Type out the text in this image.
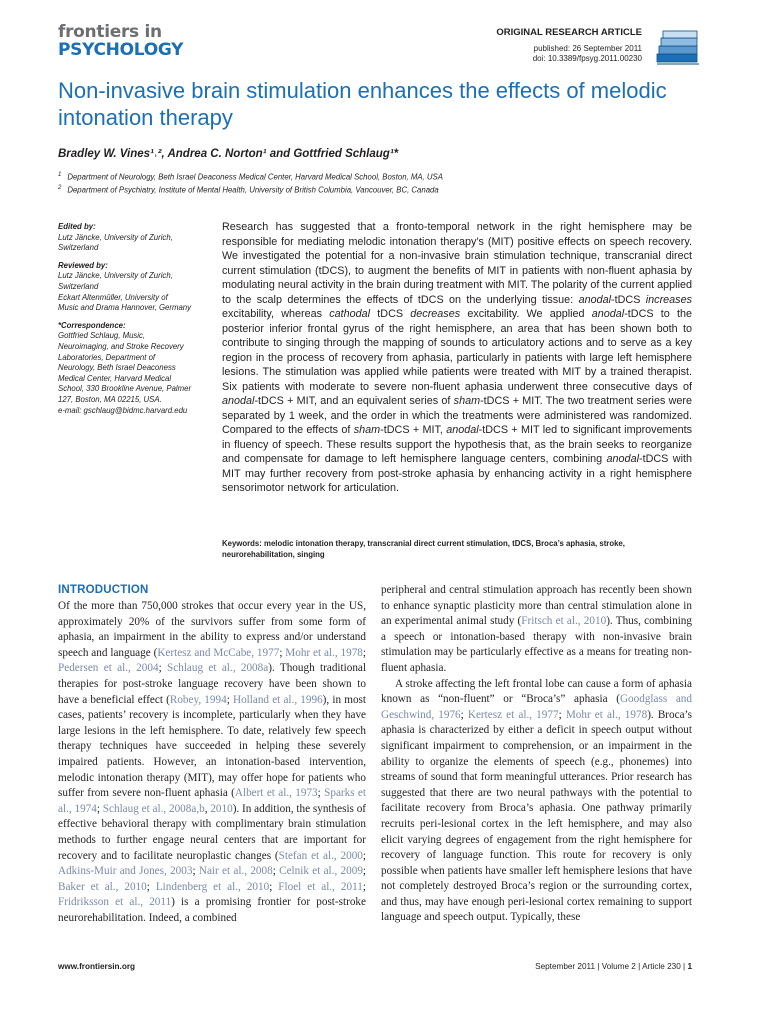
frontiers in
PSYCHOLOGY
ORIGINAL RESEARCH ARTICLE
published: 26 September 2011
doi: 10.3389/fpsyg.2011.00230
Non-invasive brain stimulation enhances the effects of melodic intonation therapy
Bradley W. Vines¹˒², Andrea C. Norton¹ and Gottfried Schlaug¹*
$^1$ Department of Neurology, Beth Israel Deaconess Medical Center, Harvard Medical School, Boston, MA, USA
$^2$ Department of Psychiatry, Institute of Mental Health, University of British Columbia, Vancouver, BC, Canada
Edited by:
Lutz Jäncke, University of Zurich,
Switzerland
Reviewed by:
Lutz Jäncke, University of Zurich,
Switzerland
Eckart Altenmüller, University of
Music and Drama Hannover, Germany
*Correspondence:
Gottfried Schlaug, Music,
Neuroimaging, and Stroke Recovery
Laboratories, Department of
Neurology, Beth Israel Deaconess
Medical Center, Harvard Medical
School, 330 Brookline Avenue, Palmer
127, Boston, MA 02215, USA.
e-mail: gschlaug@bidmc.harvard.edu
Research has suggested that a fronto-temporal network in the right hemisphere may be responsible for mediating melodic intonation therapy’s (MIT) positive effects on speech recovery. We investigated the potential for a non-invasive brain stimulation technique, transcranial direct current stimulation (tDCS), to augment the benefits of MIT in patients with non-fluent aphasia by modulating neural activity in the brain during treatment with MIT. The polarity of the current applied to the scalp determines the effects of tDCS on the underlying tissue: anodal-tDCS increases excitability, whereas cathodal tDCS decreases excitability. We applied anodal-tDCS to the posterior inferior frontal gyrus of the right hemisphere, an area that has been shown both to contribute to singing through the mapping of sounds to articulatory actions and to serve as a key region in the process of recovery from aphasia, particularly in patients with large left hemisphere lesions. The stimulation was applied while patients were treated with MIT by a trained therapist. Six patients with moderate to severe non-fluent aphasia underwent three consecutive days of anodal-tDCS + MIT, and an equivalent series of sham-tDCS + MIT. The two treatment series were separated by 1 week, and the order in which the treatments were administered was randomized. Compared to the effects of sham-tDCS + MIT, anodal-tDCS + MIT led to significant improvements in fluency of speech. These results support the hypothesis that, as the brain seeks to reorganize and compensate for damage to left hemisphere language centers, combining anodal-tDCS with MIT may further recovery from post-stroke aphasia by enhancing activity in a right hemisphere sensorimotor network for articulation.
Keywords: melodic intonation therapy, transcranial direct current stimulation, tDCS, Broca’s aphasia, stroke, neurorehabilitation, singing
INTRODUCTION

Of the more than 750,000 strokes that occur every year in the US, approximately 20% of the survivors suffer from some form of aphasia, an impairment in the ability to express and/or understand speech and language (Kertesz and McCabe, 1977; Mohr et al., 1978; Pedersen et al., 2004; Schlaug et al., 2008a). Though traditional therapies for post-stroke language recovery have been shown to have a beneficial effect (Robey, 1994; Holland et al., 1996), in most cases, patients’ recovery is incomplete, particularly when they have large lesions in the left hemisphere. To date, relatively few speech therapy techniques have succeeded in helping these severely impaired patients. However, an intonation-based intervention, melodic intonation therapy (MIT), may offer hope for patients who suffer from severe non-fluent aphasia (Albert et al., 1973; Sparks et al., 1974; Schlaug et al., 2008a,b, 2010). In addition, the synthesis of effective behavioral therapy with complimentary brain stimulation methods to further engage neural centers that are important for recovery and to facilitate neuroplastic changes (Stefan et al., 2000; Adkins-Muir and Jones, 2003; Nair et al., 2008; Celnik et al., 2009; Baker et al., 2010; Lindenberg et al., 2010; Floel et al., 2011; Fridriksson et al., 2011) is a promising frontier for post-stroke neurorehabilitation. Indeed, a combined

peripheral and central stimulation approach has recently been shown to enhance synaptic plasticity more than central stimulation alone in an experimental animal study (Fritsch et al., 2010). Thus, combining a speech or intonation-based therapy with non-invasive brain stimulation may be particularly effective as a means for treating non-fluent aphasia.

A stroke affecting the left frontal lobe can cause a form of aphasia known as “non-fluent” or “Broca’s” aphasia (Goodglass and Geschwind, 1976; Kertesz et al., 1977; Mohr et al., 1978). Broca’s aphasia is characterized by either a deficit in speech output without significant impairment to comprehension, or an impairment in the ability to organize the elements of speech (e.g., phonemes) into streams of sound that form meaningful utterances. Prior research has suggested that there are two neural pathways with the potential to facilitate recovery from Broca’s aphasia. One pathway primarily recruits peri-lesional cortex in the left hemisphere, and may also elicit varying degrees of engagement from the right hemisphere for recovery of language function. This route for recovery is only possible when patients have smaller left hemisphere lesions that have not completely destroyed Broca’s region or the surrounding cortex, and thus, may have enough peri-lesional cortex remaining to support language and speech output. Typically, these

www.frontiersin.org	September 2011 | Volume 2 | Article 230 | 1
